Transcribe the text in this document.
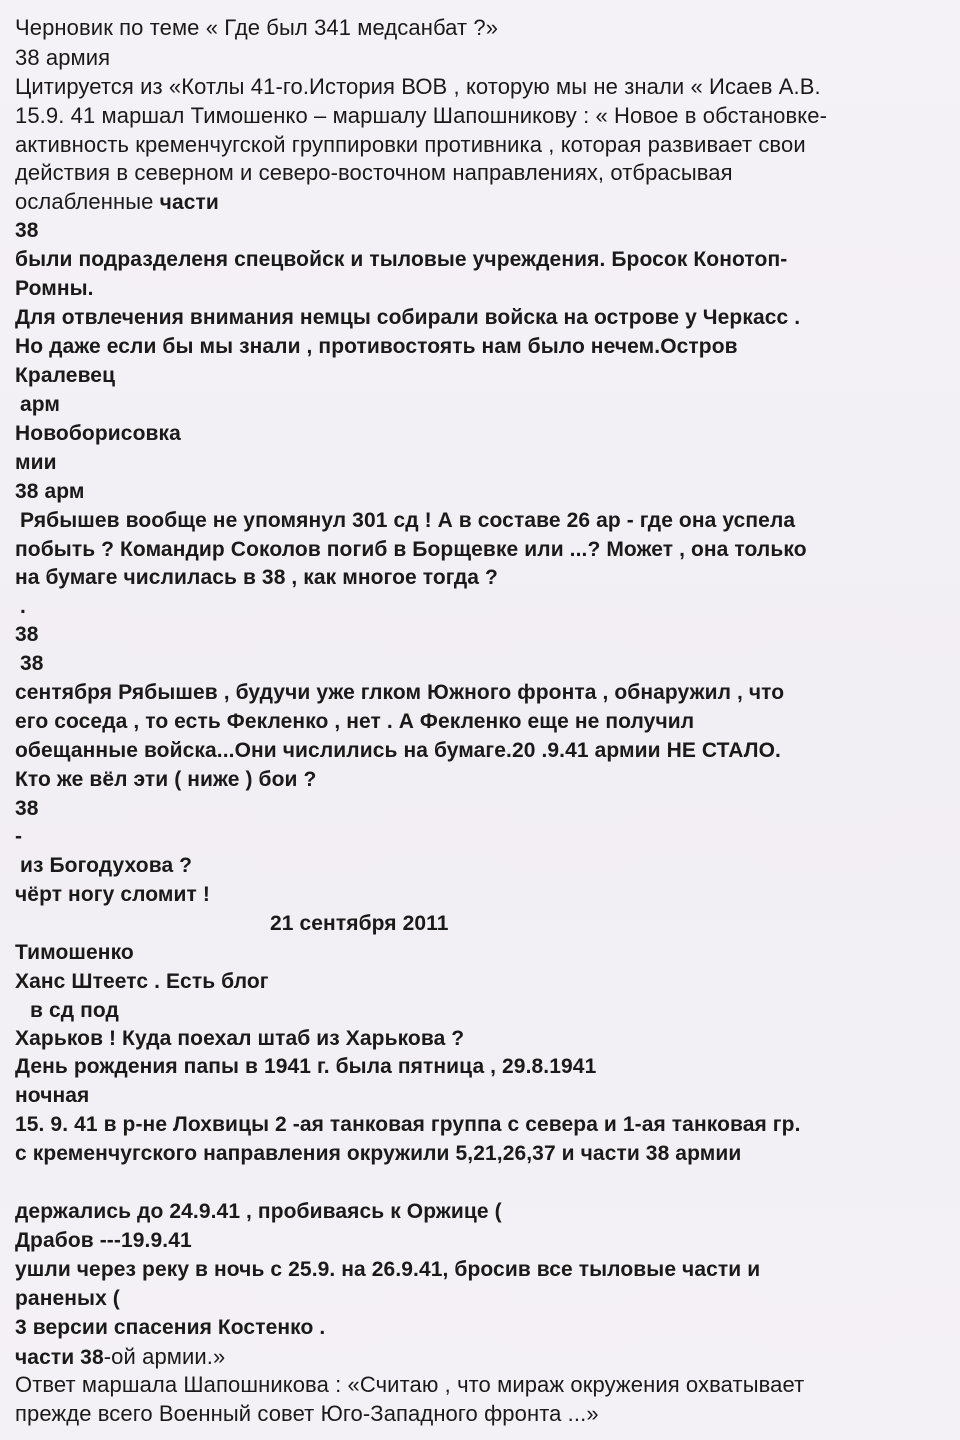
Черновик по теме « Где был 341 медсанбат ?»
38 армия
Цитируется из «Котлы 41-го.История ВОВ , которую мы не знали « Исаев А.В.
15.9. 41 маршал Тимошенко – маршалу Шапошникову : « Новое в обстановке-
активность кременчугской группировки противника , которая развивает свои
действия в северном и северо-восточном направлениях, отбрасывая
ослабленные части
38
были подразделеня спецвойск и тыловые учреждения. Бросок Конотоп-
Ромны.
Для отвлечения внимания немцы собирали войска на острове у Черкасс .
Но даже если бы мы знали , противостоять нам было нечем.Остров
Кралевец
арм
Новоборисовка
мии
38 арм
Рябышев вообще не упомянул 301 сд ! А в составе 26 ар - где она успела
побыть ? Командир Соколов погиб в Борщевке или ...? Может , она только
на бумаге числилась в 38 , как многое тогда ?
.
38
38
сентября Рябышев , будучи уже глком Южного фронта , обнаружил , что
его соседа , то есть Фекленко , нет . А Фекленко еще не получил
обещанные войска...Они числились на бумаге.20 .9.41 армии НЕ СТАЛО.
Кто же вёл эти ( ниже ) бои ?
38
-
из Богодухова ?
чёрт ногу сломит !
21 сентября 2011
Тимошенко
Ханс Штеетс . Есть блог
в сд под
Харьков ! Куда поехал штаб из Харькова ?
День рождения папы в 1941 г. была пятница , 29.8.1941
ночная
15. 9. 41 в р-не Лохвицы 2 -ая танковая группа с севера и 1-ая танковая гр.
с кременчугского направления окружили 5,21,26,37 и части 38 армии
держались до 24.9.41 , пробиваясь к Оржице (
Драбов ---19.9.41
ушли через реку в ночь с 25.9. на 26.9.41, бросив все тыловые части и
раненых (
3 версии спасения Костенко .
части 38-ой армии.»
Ответ маршала Шапошникова : «Считаю , что мираж окружения охватывает
прежде всего Военный совет Юго-Западного фронта ...»
